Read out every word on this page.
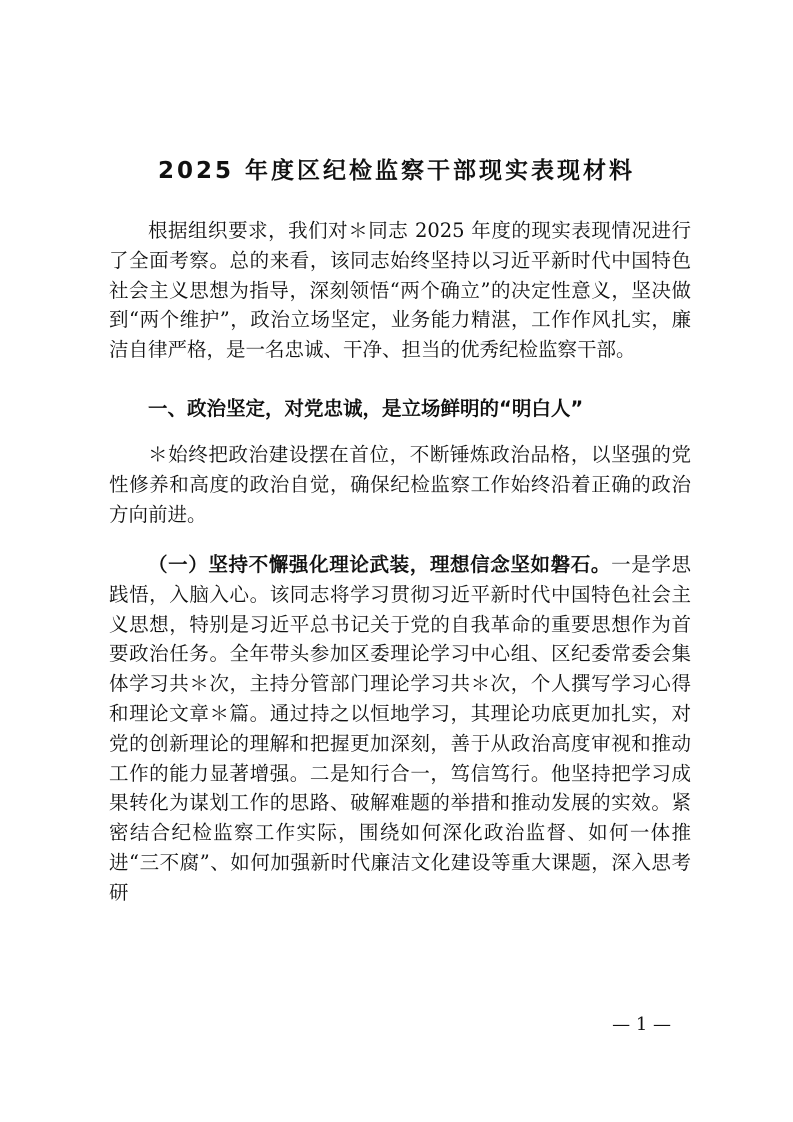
2025 年度区纪检监察干部现实表现材料

根据组织要求，我们对＊同志 2025 年度的现实表现情况进行了全面考察。总的来看，该同志始终坚持以习近平新时代中国特色社会主义思想为指导，深刻领悟“两个确立”的决定性意义，坚决做到“两个维护”，政治立场坚定，业务能力精湛，工作作风扎实，廉洁自律严格，是一名忠诚、干净、担当的优秀纪检监察干部。

一、政治坚定，对党忠诚，是立场鲜明的“明白人”

＊始终把政治建设摆在首位，不断锤炼政治品格，以坚强的党性修养和高度的政治自觉，确保纪检监察工作始终沿着正确的政治方向前进。

（一）坚持不懈强化理论武装，理想信念坚如磐石。一是学思践悟，入脑入心。该同志将学习贯彻习近平新时代中国特色社会主义思想，特别是习近平总书记关于党的自我革命的重要思想作为首要政治任务。全年带头参加区委理论学习中心组、区纪委常委会集体学习共＊次，主持分管部门理论学习共＊次，个人撰写学习心得和理论文章＊篇。通过持之以恒地学习，其理论功底更加扎实，对党的创新理论的理解和把握更加深刻，善于从政治高度审视和推动工作的能力显著增强。二是知行合一，笃信笃行。他坚持把学习成果转化为谋划工作的思路、破解难题的举措和推动发展的实效。紧密结合纪检监察工作实际，围绕如何深化政治监督、如何一体推进“三不腐”、如何加强新时代廉洁文化建设等重大课题，深入思考研

— 1 —
